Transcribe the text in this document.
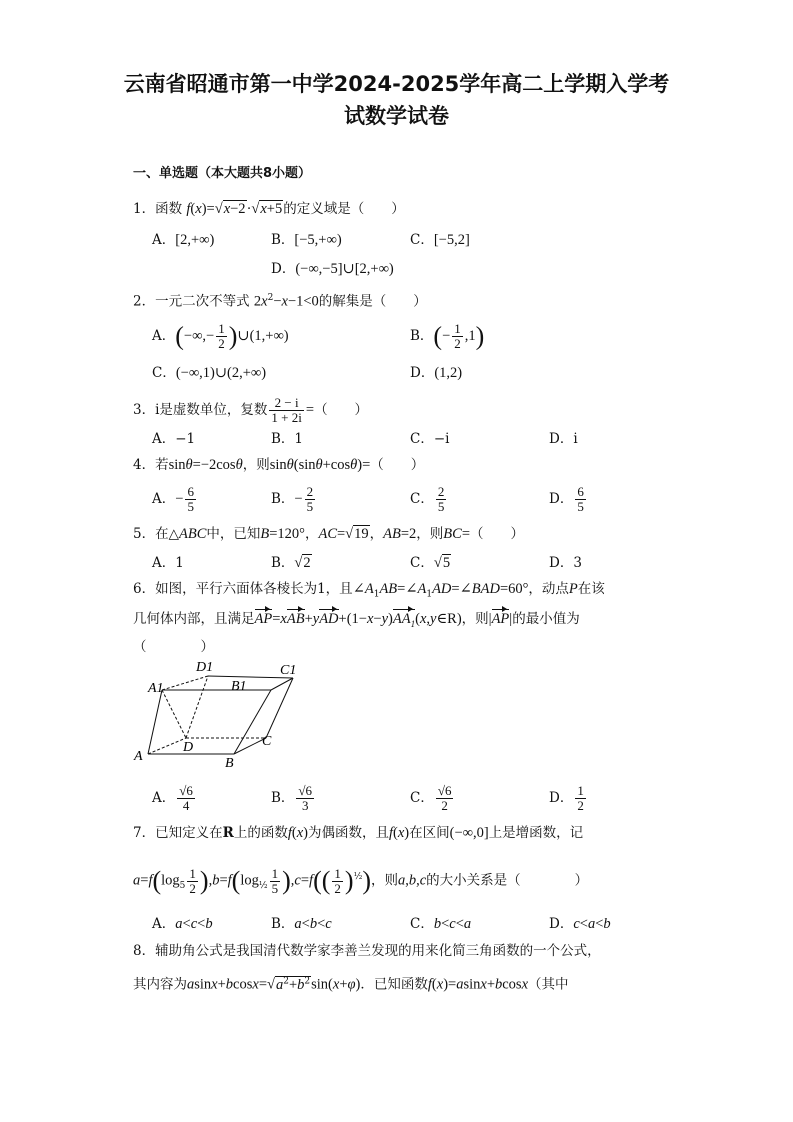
云南省昭通市第一中学2024-2025学年高二上学期入学考
试数学试卷
一、单选题（本大题共8小题）
1．函数 f(x)=√x−2·√x+5的定义域是（　　）
A．[2,+∞)	B．[−5,+∞)	C．[−5,2]
D．(−∞,−5]∪[2,+∞)
2．一元二次不等式 $2x^2-x-1<0$的解集是（　　）
A．(−∞,− $\frac{1}{2}$ )∪(1,+∞)	B．(− $\frac{1}{2} ,1$)
C．(−∞,1)∪(2,+∞)	D．(1,2)
3．i是虚数单位，复数 $\frac{2 - i}{1 + 2i}$ =（　　）
A．−1	B．1	C．−i	D．i
4．若sinθ=−2cosθ，则sinθ(sinθ+cosθ)=（　　）
A．− $\frac{6}{5}$	B．− $\frac{2}{5}$	C． $\frac{2}{5}$	D． $\frac{6}{5}$
5．在△ABC中，已知B=120°，AC=√19，AB=2，则BC=（　　）
A．1	B．√2	C．√5	D．3
6．如图，平行六面体各棱长为1，且$\angle A_1AB=\angle A_1AD=\angle BAD=60^\circ$，动点P在该
几何体内部，且满足$AP=xAB+yAD+(1-x-y)AA_1(x,y\in R)$，则|AP|的最小值为
（　　　　）
A	B
C
D
A1	B1
C1
D1
A． $\frac{√6}{4}$	B． $\frac{√6}{3}$	C． $\frac{√6}{2}$	D． $\frac{1}{2}$
7．已知定义在R上的函数f(x)为偶函数，且f(x)在区间(−∞,0]上是增函数，记
$a=f(\log_5 \frac{1}{2} ),b=f(\log_{\frac{1}{2}} \frac{1}{5} ),c=f(( \frac{1}{2} )^{\frac{1}{2}})$，则a,b,c的大小关系是（　　　　）
A．a<c<b	B．a<b<c	C．b<c<a	D．c<a<b
8．辅助角公式是我国清代数学家李善兰发现的用来化简三角函数的一个公式，
其内容为$asinx+bcosx=√a^2+b^2\sin(x+\varphi)$．已知函数f(x)=asinx+bcosx（其中
